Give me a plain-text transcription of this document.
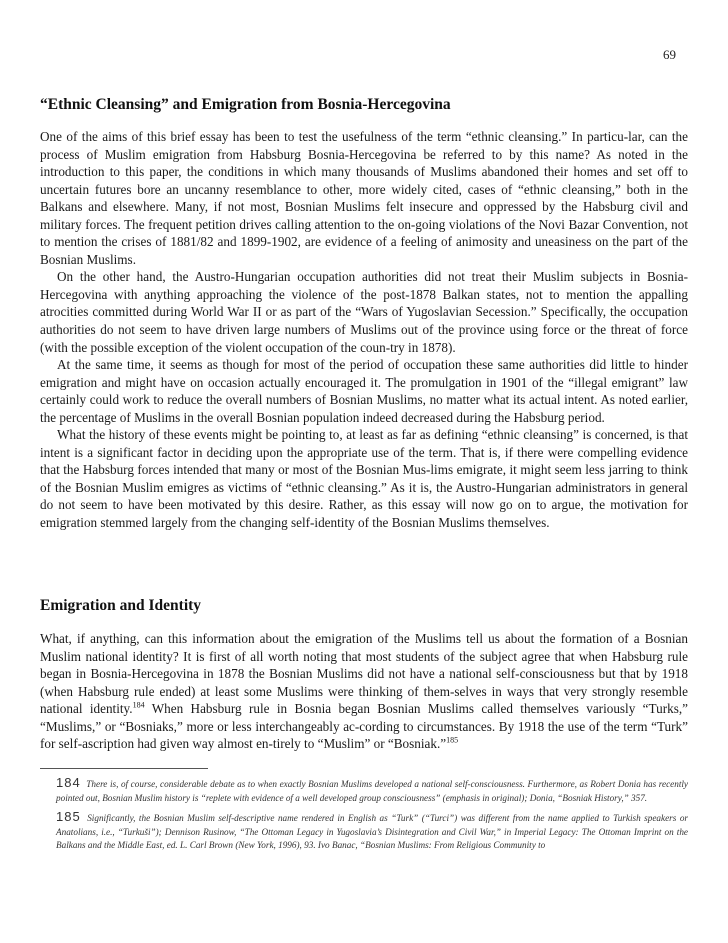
69
“Ethnic Cleansing” and Emigration from Bosnia-Hercegovina

One of the aims of this brief essay has been to test the usefulness of the term “ethnic cleansing.” In particu-lar, can the process of Muslim emigration from Habsburg Bosnia-Hercegovina be referred to by this name? As noted in the introduction to this paper, the conditions in which many thousands of Muslims abandoned their homes and set off to uncertain futures bore an uncanny resemblance to other, more widely cited, cases of “ethnic cleansing,” both in the Balkans and elsewhere. Many, if not most, Bosnian Muslims felt insecure and oppressed by the Habsburg civil and military forces. The frequent petition drives calling attention to the on-going violations of the Novi Bazar Convention, not to mention the crises of 1881/82 and 1899-1902, are evidence of a feeling of animosity and uneasiness on the part of the Bosnian Muslims.

On the other hand, the Austro-Hungarian occupation authorities did not treat their Muslim subjects in Bosnia-Hercegovina with anything approaching the violence of the post-1878 Balkan states, not to mention the appalling atrocities committed during World War II or as part of the “Wars of Yugoslavian Secession.” Specifically, the occupation authorities do not seem to have driven large numbers of Muslims out of the province using force or the threat of force (with the possible exception of the violent occupation of the coun-try in 1878).

At the same time, it seems as though for most of the period of occupation these same authorities did little to hinder emigration and might have on occasion actually encouraged it. The promulgation in 1901 of the “illegal emigrant” law certainly could work to reduce the overall numbers of Bosnian Muslims, no matter what its actual intent. As noted earlier, the percentage of Muslims in the overall Bosnian population indeed decreased during the Habsburg period.

What the history of these events might be pointing to, at least as far as defining “ethnic cleansing” is concerned, is that intent is a significant factor in deciding upon the appropriate use of the term. That is, if there were compelling evidence that the Habsburg forces intended that many or most of the Bosnian Mus-lims emigrate, it might seem less jarring to think of the Bosnian Muslim emigres as victims of “ethnic cleansing.” As it is, the Austro-Hungarian administrators in general do not seem to have been motivated by this desire. Rather, as this essay will now go on to argue, the motivation for emigration stemmed largely from the changing self-identity of the Bosnian Muslims themselves.

Emigration and Identity

What, if anything, can this information about the emigration of the Muslims tell us about the formation of a Bosnian Muslim national identity? It is first of all worth noting that most students of the subject agree that when Habsburg rule began in Bosnia-Hercegovina in 1878 the Bosnian Muslims did not have a national self-consciousness but that by 1918 (when Habsburg rule ended) at least some Muslims were thinking of them-selves in ways that very strongly resemble national identity.$^{184}$ When Habsburg rule in Bosnia began Bosnian Muslims called themselves variously “Turks,” “Muslims,” or “Bosniaks,” more or less interchangeably ac-cording to circumstances. By 1918 the use of the term “Turk” for self-ascription had given way almost en-tirely to “Muslim” or “Bosniak.”$^{185}$

184 There is, of course, considerable debate as to when exactly Bosnian Muslims developed a national self-consciousness. Furthermore, as Robert Donia has recently pointed out, Bosnian Muslim history is “replete with evidence of a well developed group consciousness” (emphasis in original); Donia, “Bosniak History,” 357.

185 Significantly, the Bosnian Muslim self-descriptive name rendered in English as “Turk” (“Turci”) was different from the name applied to Turkish speakers or Anatolians, i.e., “Turkuši”); Dennison Rusinow, “The Ottoman Legacy in Yugoslavia’s Disintegration and Civil War,” in Imperial Legacy: The Ottoman Imprint on the Balkans and the Middle East, ed. L. Carl Brown (New York, 1996), 93. Ivo Banac, “Bosnian Muslims: From Religious Community to
